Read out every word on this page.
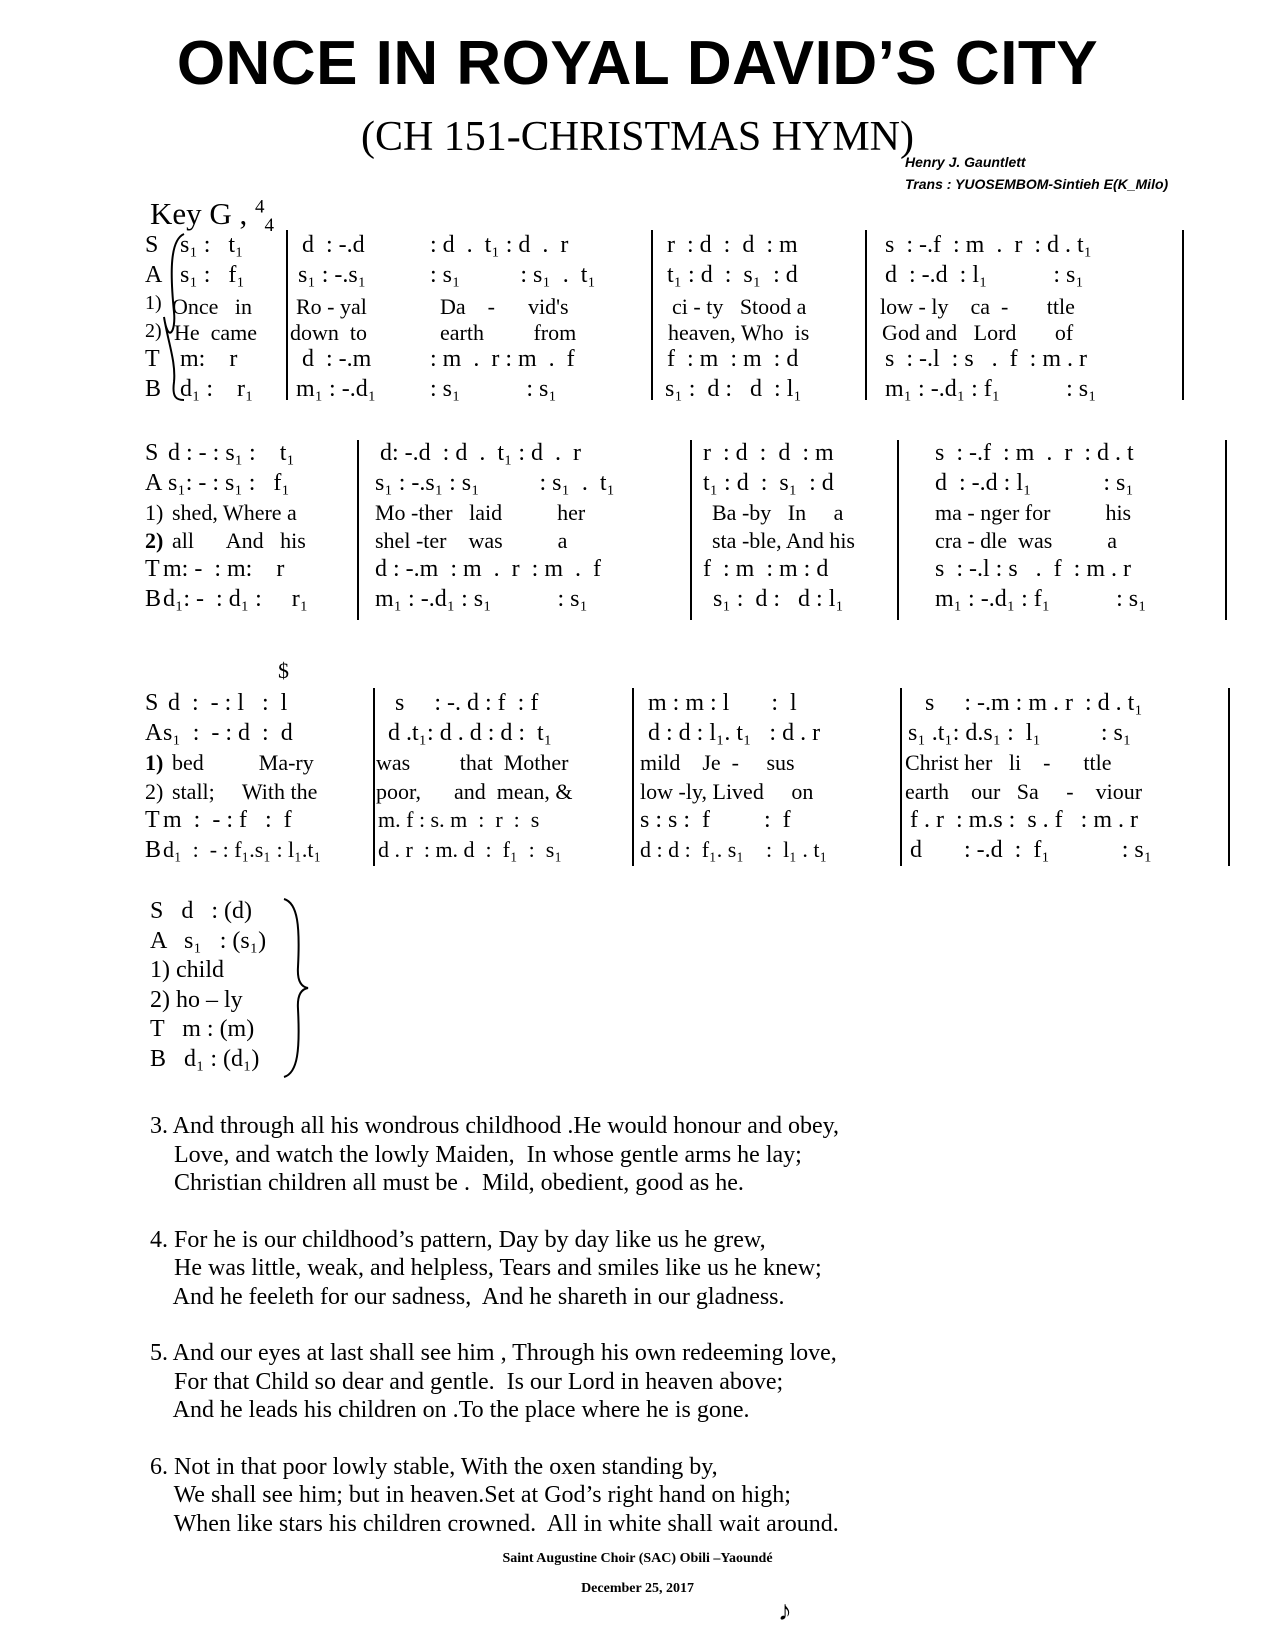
ONCE IN ROYAL DAVID’S CITY
(CH 151-CHRISTMAS HYMN)
Henry J. Gauntlett
Trans : YUOSEMBOM-Sintieh E(K_Milo)
Key G , $^4_4$
S
A
1)
2)
T
B
s₁ :   t₁
s₁ :   f₁
Once   in
He  came
m:    r
d₁ :    r₁
d  : -.d
s₁ : -.s₁
Ro - yal
down  to
d  : -.m
m₁ : -.d₁
: d  .  t₁ : d  .  r
: s₁          : s₁  .  t₁
Da    -      vid's
earth         from
: m  .  r : m  .  f
: s₁           : s₁
r  : d  :  d  : m
t₁ : d  :  s₁  : d
ci - ty   Stood a
heaven, Who  is
f  : m  : m  : d
s₁ :  d :   d  : l₁
s  : -.f  : m  .  r  : d . t₁
d  : -.d  : l₁           : s₁
low - ly    ca  -       ttle
God and   Lord       of
s  : -.l  : s   .  f  : m . r
m₁ : -.d₁ : f₁           : s₁
S
A
1)
2)
T
B
d : - : s₁ :    t₁
s₁: - : s₁ :   f₁
shed, Where a
all      And   his
m: -  : m:    r
d₁: -  : d₁ :     r₁
d: -.d  : d  .  t₁ : d  .  r
s₁ : -.s₁ : s₁          : s₁  .  t₁
Mo -ther   laid          her
shel -ter    was          a
d : -.m  : m  .  r  : m  .  f
m₁ : -.d₁ : s₁           : s₁
r  : d  :  d  : m
t₁ : d  :  s₁  : d
Ba -by   In     a
sta -ble, And his
f  : m  : m : d
s₁ :  d :   d : l₁
s  : -.f  : m  .  r  : d . t
d  : -.d : l₁            : s₁
ma - nger for          his
cra - dle  was          a
s  : -.l : s   .  f  : m . r
m₁ : -.d₁ : f₁           : s₁
$
S
A
1)
2)
T
B
d  :  - : l   :  l
s₁  :  - : d  :  d
bed          Ma-ry
stall;     With the
m  :  - : f   :  f
d₁  :  - : f₁.s₁ : l₁.t₁
s     : -. d : f  : f
d .t₁: d . d : d :  t₁
was         that  Mother
poor,      and  mean, &
m. f : s. m  :  r  :  s
d . r  : m. d  :  f₁  :  s₁
m : m : l       :  l
d : d : l₁. t₁   : d . r
mild    Je  -     sus
low -ly, Lived     on
s : s :  f         :  f
d : d :  f₁. s₁    :  l₁ . t₁
s     : -.m : m . r  : d . t₁
s₁ .t₁: d.s₁ :  l₁          : s₁
Christ her   li    -      ttle
earth    our   Sa     -    viour
f . r  : m.s :  s . f   : m . r
d       : -.d  :  f₁            : s₁
S   d   : (d)
A   s₁   : (s₁)
1) child
2) ho – ly
T   m : (m)
B   d₁ : (d₁)
3. And through all his wondrous childhood .He would honour and obey,
Love, and watch the lowly Maiden,  In whose gentle arms he lay;
Christian children all must be .  Mild, obedient, good as he.
4. For he is our childhood’s pattern, Day by day like us he grew,
He was little, weak, and helpless, Tears and smiles like us he knew;
And he feeleth for our sadness,  And he shareth in our gladness.
5. And our eyes at last shall see him , Through his own redeeming love,
For that Child so dear and gentle.  Is our Lord in heaven above;
And he leads his children on .To the place where he is gone.
6. Not in that poor lowly stable, With the oxen standing by,
We shall see him; but in heaven.Set at God’s right hand on high;
When like stars his children crowned.  All in white shall wait around.
Saint Augustine Choir (SAC) Obili –Yaoundé
December 25, 2017
♪
